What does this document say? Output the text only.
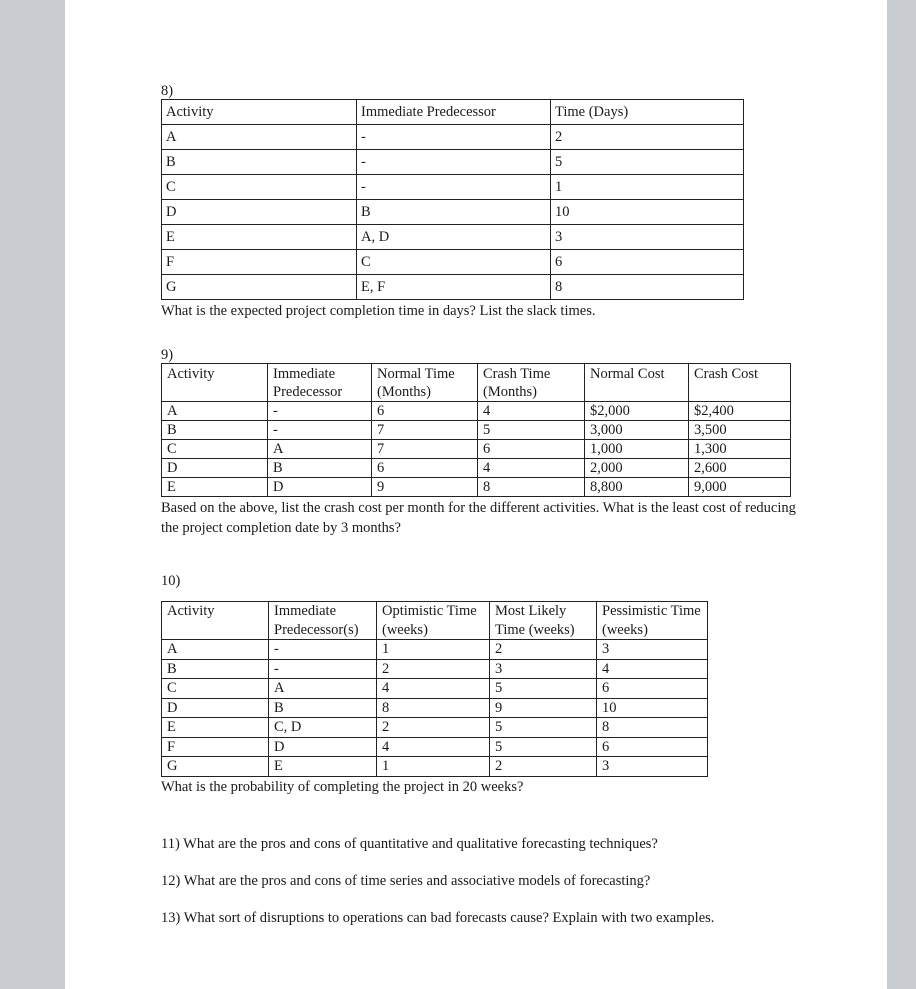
8)
Activity	Immediate Predecessor	Time (Days)
A	-	2
B	-	5
C	-	1
D	B	10
E	A, D	3
F	C	6
G	E, F	8
What is the expected project completion time in days? List the slack times.
9)
Activity	Immediate Predecessor	Normal Time (Months)	Crash Time (Months)	Normal Cost	Crash Cost
A	-	6	4	$2,000	$2,400
B	-	7	5	3,000	3,500
C	A	7	6	1,000	1,300
D	B	6	4	2,000	2,600
E	D	9	8	8,800	9,000
Based on the above, list the crash cost per month for the different activities. What is the least cost of reducing the project completion date by 3 months?
10)
Activity	Immediate Predecessor(s)	Optimistic Time (weeks)	Most Likely Time (weeks)	Pessimistic Time (weeks)
A	-	1	2	3
B	-	2	3	4
C	A	4	5	6
D	B	8	9	10
E	C, D	2	5	8
F	D	4	5	6
G	E	1	2	3
What is the probability of completing the project in 20 weeks?
11) What are the pros and cons of quantitative and qualitative forecasting techniques?
12) What are the pros and cons of time series and associative models of forecasting?
13) What sort of disruptions to operations can bad forecasts cause? Explain with two examples.
